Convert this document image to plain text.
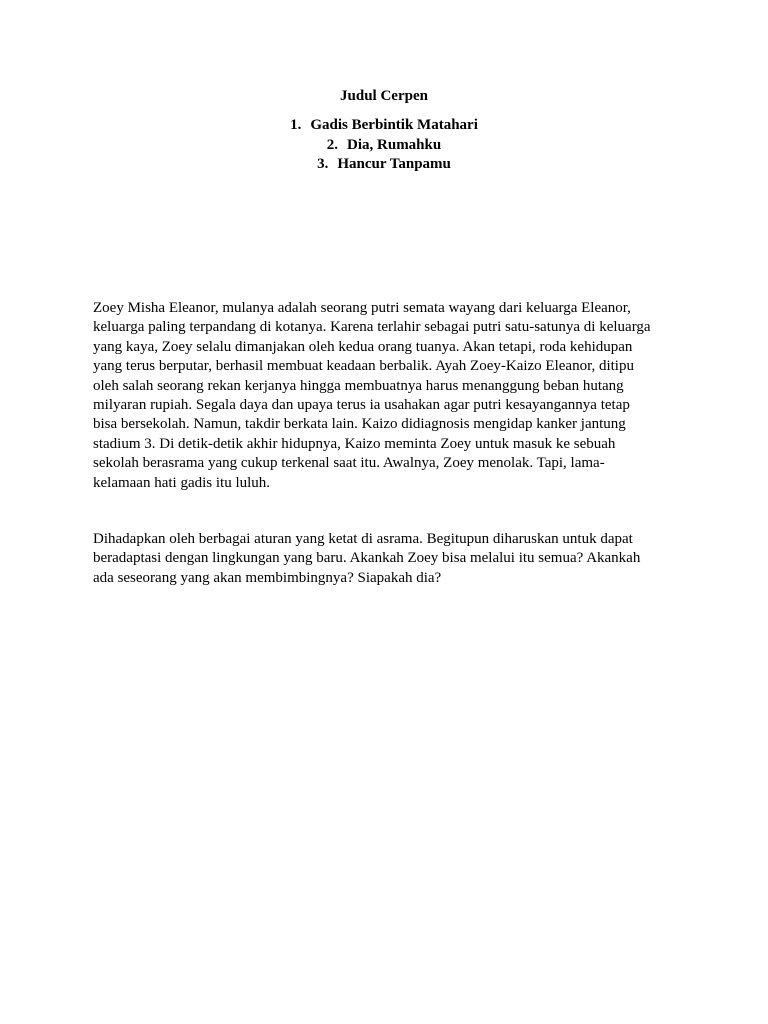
Judul Cerpen
1. Gadis Berbintik Matahari
2. Dia, Rumahku
3. Hancur Tanpamu

Zoey Misha Eleanor, mulanya adalah seorang putri semata wayang dari keluarga Eleanor,
keluarga paling terpandang di kotanya. Karena terlahir sebagai putri satu-satunya di keluarga
yang kaya, Zoey selalu dimanjakan oleh kedua orang tuanya. Akan tetapi, roda kehidupan
yang terus berputar, berhasil membuat keadaan berbalik. Ayah Zoey-Kaizo Eleanor, ditipu
oleh salah seorang rekan kerjanya hingga membuatnya harus menanggung beban hutang
milyaran rupiah. Segala daya dan upaya terus ia usahakan agar putri kesayangannya tetap
bisa bersekolah. Namun, takdir berkata lain. Kaizo didiagnosis mengidap kanker jantung
stadium 3. Di detik-detik akhir hidupnya, Kaizo meminta Zoey untuk masuk ke sebuah
sekolah berasrama yang cukup terkenal saat itu. Awalnya, Zoey menolak. Tapi, lama-
kelamaan hati gadis itu luluh.

Dihadapkan oleh berbagai aturan yang ketat di asrama. Begitupun diharuskan untuk dapat
beradaptasi dengan lingkungan yang baru. Akankah Zoey bisa melalui itu semua? Akankah
ada seseorang yang akan membimbingnya? Siapakah dia?
